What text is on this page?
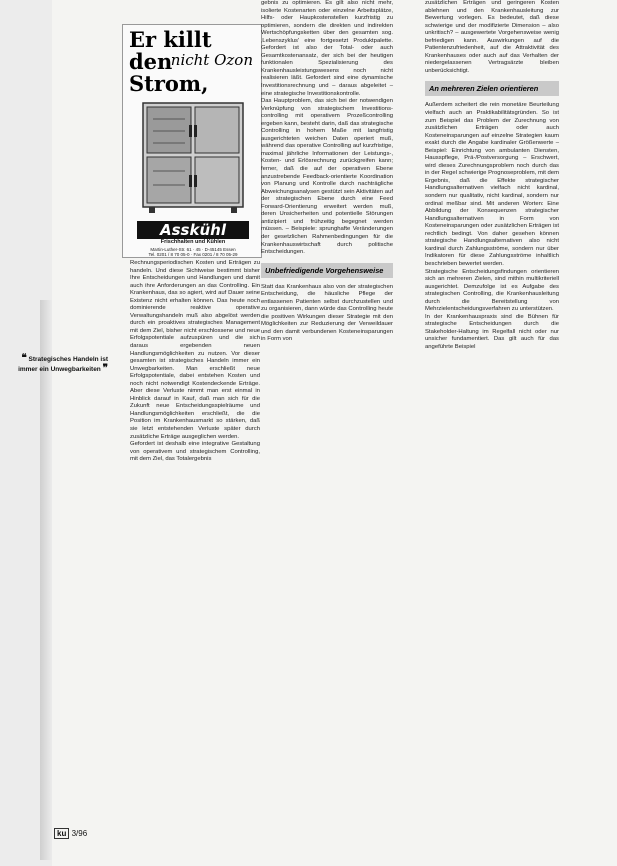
Er killt den Strom,
nicht Ozon
Asskühl
Frischhalten und Kühlen
Martin-Luther-Str. 61 · 45 · D-45145 Essen
Tel. 0201 / 8 70 05-0 · Fax 0201 / 8 70 05-29
❝ Strategisches Handeln ist immer ein Unwegbarkeiten ❞

Rechnungsperiodischen Kosten und Erträgen zu handeln. Und diese Sichtweise bestimmt bisher Ihre Entscheidungen und Handlungen und damit auch ihre Anforderungen an das Controlling. Ein Krankenhaus, das so agiert, wird auf Dauer seine Existenz nicht erhalten können. Das heute noch dominierende reaktive operative Verwaltungshandeln muß also abgelöst werden durch ein proaktives strategisches Management mit dem Ziel, bisher nicht erschlossene und neue Erfolgspotentiale aufzuspüren und die sich daraus ergebenden neuen Handlungsmöglichkeiten zu nutzen. Vor dieser gesamten ist strategisches Handeln immer ein Unwegbarkeiten. Man erschließt neue Erfolgspotentiale, dabei entstehen Kosten und noch nicht notwendigt Kostendeckende Erträge. Aber diese Verluste nimmt man erst einmal in Hinblick darauf in Kauf, daß man sich für die Zukunft neue Entscheidungsspielräume und Handlungsmöglichkeiten erschließt, die die Position im Krankenhausmarkt so stärken, daß sie letzt entstehenden Verluste später durch zusätzliche Erträge ausgeglichen werden.
Gefordert ist deshalb eine integrative Gestaltung von operativem und strategischem Controlling, mit dem Ziel, das Totalergebnis

gebnis zu optimieren. Es gilt also nicht mehr, isolierte Kostenarten oder einzelne Arbeitsplätze, Hilfs- oder Haupkostenstellen kurzfristig zu optimieren, sondern die direkten und indirekten Wertschöpfungsketten über den gesamten sog. ‚Lebenszyklus' eine fortgesetzt Produktpalette. Gefordert ist also der Total- oder auch Gesamtkostenansatz, der sich bei der heutigen funktionalen Spezialisierung des Krankenhausleistungswesens noch nicht realisieren läßt. Gefordert sind eine dynamische Investitionsrechnung und – daraus abgeleitet – eine strategische Investitionskontrolle.
Das Hauptproblem, das sich bei der notwendigen Verknüpfung von strategischem Investitions-controlling mit operativem Prozeßcontrolling ergeben kann, besteht darin, daß das strategische Controlling in hohem Maße mit langfristig ausgerichteten weichen Daten operiert muß, während das operative Controlling auf kurzfristige, maximal jährliche Informationen der Leistungs-, Kosten- und Erlösrechnung zurückgreifen kann; ferner, daß die auf der operativen Ebene anzustrebende Feedback-orientierte Koordination von Planung und Kontrolle durch nachträgliche Abweichungsanalysen gestützt sein Aktivitäten auf der strategischen Ebene durch eine Feed Forward-Orientierung erweitert werden muß, deren Unsicherheiten und potentielle Störungen antizipiert und frühzeitig begegnet werden müssen. – Beispiele: sprunghafte Veränderungen der gesetzlichen Rahmenbedingungen für die Krankenhauswirtschaft durch politische Entscheidungen.

Unbefriedigende Vorgehensweise

Statt das Krankenhaus also von der strategischen Entscheidung, die häusliche Pflege der entlassenen Patienten selbst durchzustellen und zu organisieren, dann würde das Controlling heute die positiven Wirkungen dieser Strategie mit den Möglichkeiten zur Reduzierung der Verweildauer und den damit verbundenen Kosteneinsparungen in Form von

zusätzlichen Erträgen und geringeren Kosten ablehnen und den Krankenhausleitung zur Bewertung vorlegen. Es bedeutet, daß diese schwierige und der modifizierte Dimension – also unkritisch? – ausgewertete Vorgehensweise wenig befriedigen kann. Auswirkungen auf die Patientenzufriedenheit, auf die Attraktivität des Krankenhauses oder auch auf das Verhalten der niedergelassenen Vertragsärzte bleiben unberücksichtigt.

An mehreren Zielen orientieren

Außerdem scheitert die rein monetäre Beurteilung vielfach auch an Praktikabilitätsgründen. So ist zum Beispiel das Problem der Zurechnung von zusätzlichen Erträgen oder auch Kosteneinsparungen auf einzelne Strategien kaum exakt durch die Angabe kardinaler Größenwerte – Beispiel: Einrichtung von ambulanten Diensten, Hausspflege, Prä-/Postversorgung – Erschwert, wird dieses Zurechnungsproblem noch durch das in der Regel schwierige Prognoseproblem, mit dem Ergebnis, daß die Effekte strategischer Handlungsalternativen vielfach nicht kardinal, sondern nur qualitativ, nicht kardinal, sondern nur ordinal meßbar sind. Mit anderen Worten: Eine Abbildung der Konsequenzen strategischer Handlungsalternativen in Form von Kosteneinsparungen oder zusätzlichen Erträgen ist rechtlich bedingt. Von daher gesehen können strategische Handlungsalternativen also nicht kardinal durch Zahlungsströme, sondern nur über Indikatoren für diese Zahlungsströme inhaltlich beschrieben bewertet werden.
Strategische Entscheidungsfindungen orientieren sich an mehreren Zielen, sind mithin multikriteriell ausgerichtet. Demzufolge ist es Aufgabe des strategischen Controlling, die Krankenhausleitung durch die Bereitstellung von Mehrzielentscheidungsverfahren zu unterstützen.
In der Krankenhauspraxis sind die Bühnen für strategische Entscheidungen durch die Stakeholder-Haltung im Regelfall nicht oder nur unsicher fundamentiert. Das gilt auch für das angeführte Beispiel

ku 3/96
